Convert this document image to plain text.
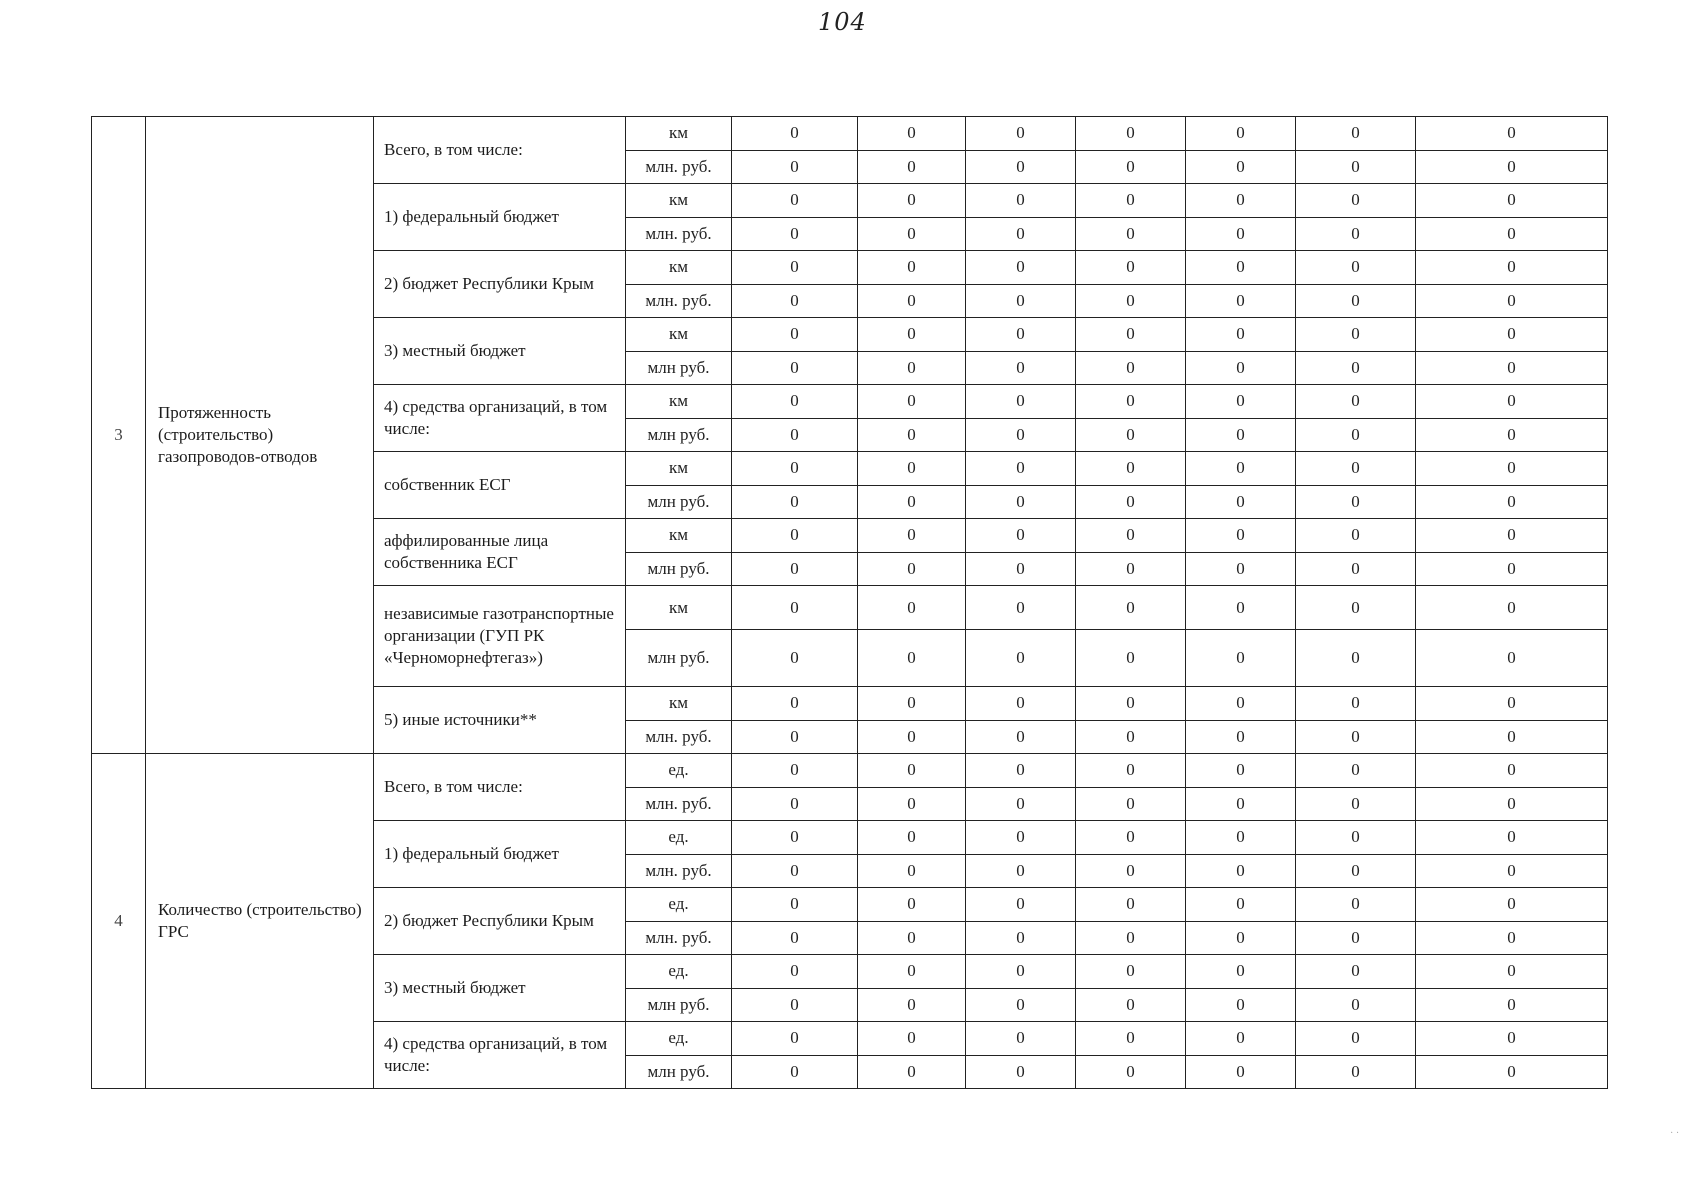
104
3	Протяженность (строительство) газопроводов-отводов	Всего, в том числе:	км	0	0	0	0	0	0	0
			млн. руб.	0	0	0	0	0	0	0
		1) федеральный бюджет	км	0	0	0	0	0	0	0
			млн. руб.	0	0	0	0	0	0	0
		2) бюджет Республики Крым	км	0	0	0	0	0	0	0
			млн. руб.	0	0	0	0	0	0	0
		3) местный бюджет	км	0	0	0	0	0	0	0
			млн руб.	0	0	0	0	0	0	0
		4) средства организаций, в том числе:	км	0	0	0	0	0	0	0
			млн руб.	0	0	0	0	0	0	0
		собственник ЕСГ	км	0	0	0	0	0	0	0
			млн руб.	0	0	0	0	0	0	0
		аффилированные лица собственника ЕСГ	км	0	0	0	0	0	0	0
			млн руб.	0	0	0	0	0	0	0
		независимые газотранспортные организации (ГУП РК «Черноморнефтегаз»)	км	0	0	0	0	0	0	0
			млн руб.	0	0	0	0	0	0	0
		5) иные источники**	км	0	0	0	0	0	0	0
			млн. руб.	0	0	0	0	0	0	0
4	Количество (строительство) ГРС	Всего, в том числе:	ед.	0	0	0	0	0	0	0
			млн. руб.	0	0	0	0	0	0	0
		1) федеральный бюджет	ед.	0	0	0	0	0	0	0
			млн. руб.	0	0	0	0	0	0	0
		2) бюджет Республики Крым	ед.	0	0	0	0	0	0	0
			млн. руб.	0	0	0	0	0	0	0
		3) местный бюджет	ед.	0	0	0	0	0	0	0
			млн руб.	0	0	0	0	0	0	0
		4) средства организаций, в том числе:	ед.	0	0	0	0	0	0	0
			млн руб.	0	0	0	0	0	0	0
· ·
